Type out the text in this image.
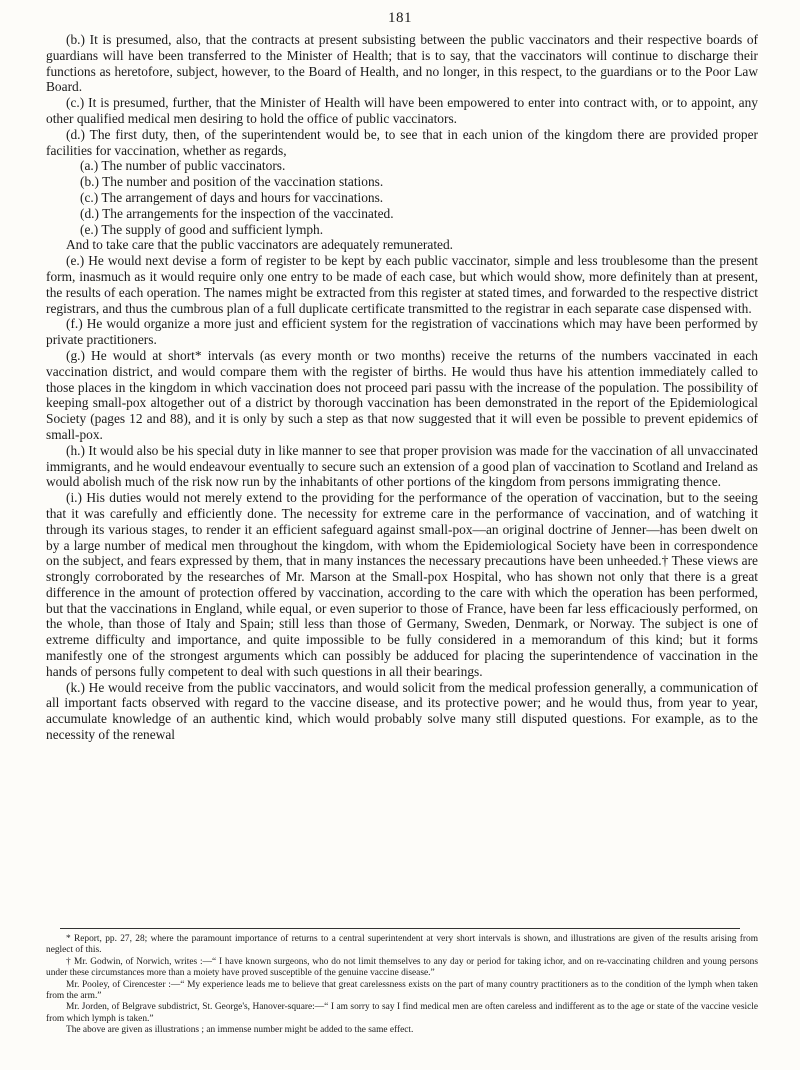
181

(b.) It is presumed, also, that the contracts at present subsisting between the public vaccinators and their respective boards of guardians will have been transferred to the Minister of Health; that is to say, that the vaccinators will continue to discharge their functions as heretofore, subject, however, to the Board of Health, and no longer, in this respect, to the guardians or to the Poor Law Board.

(c.) It is presumed, further, that the Minister of Health will have been empowered to enter into contract with, or to appoint, any other qualified medical men desiring to hold the office of public vaccinators.

(d.) The first duty, then, of the superintendent would be, to see that in each union of the kingdom there are provided proper facilities for vaccination, whether as regards,

(a.) The number of public vaccinators.

(b.) The number and position of the vaccination stations.

(c.) The arrangement of days and hours for vaccinations.

(d.) The arrangements for the inspection of the vaccinated.

(e.) The supply of good and sufficient lymph.

And to take care that the public vaccinators are adequately remunerated.

(e.) He would next devise a form of register to be kept by each public vaccinator, simple and less troublesome than the present form, inasmuch as it would require only one entry to be made of each case, but which would show, more definitely than at present, the results of each operation. The names might be extracted from this register at stated times, and forwarded to the respective district registrars, and thus the cumbrous plan of a full duplicate certificate transmitted to the registrar in each separate case dispensed with.

(f.) He would organize a more just and efficient system for the registration of vaccinations which may have been performed by private practitioners.

(g.) He would at short* intervals (as every month or two months) receive the returns of the numbers vaccinated in each vaccination district, and would compare them with the register of births. He would thus have his attention immediately called to those places in the kingdom in which vaccination does not proceed pari passu with the increase of the population. The possibility of keeping small-pox altogether out of a district by thorough vaccination has been demonstrated in the report of the Epidemiological Society (pages 12 and 88), and it is only by such a step as that now suggested that it will even be possible to prevent epidemics of small-pox.

(h.) It would also be his special duty in like manner to see that proper provision was made for the vaccination of all unvaccinated immigrants, and he would endeavour eventually to secure such an extension of a good plan of vaccination to Scotland and Ireland as would abolish much of the risk now run by the inhabitants of other portions of the kingdom from persons immigrating thence.

(i.) His duties would not merely extend to the providing for the performance of the operation of vaccination, but to the seeing that it was carefully and efficiently done. The necessity for extreme care in the performance of vaccination, and of watching it through its various stages, to render it an efficient safeguard against small-pox—an original doctrine of Jenner—has been dwelt on by a large number of medical men throughout the kingdom, with whom the Epidemiological Society have been in correspondence on the subject, and fears expressed by them, that in many instances the necessary precautions have been unheeded.† These views are strongly corroborated by the researches of Mr. Marson at the Small-pox Hospital, who has shown not only that there is a great difference in the amount of protection offered by vaccination, according to the care with which the operation has been performed, but that the vaccinations in England, while equal, or even superior to those of France, have been far less efficaciously performed, on the whole, than those of Italy and Spain; still less than those of Germany, Sweden, Denmark, or Norway. The subject is one of extreme difficulty and importance, and quite impossible to be fully considered in a memorandum of this kind; but it forms manifestly one of the strongest arguments which can possibly be adduced for placing the superintendence of vaccination in the hands of persons fully competent to deal with such questions in all their bearings.

(k.) He would receive from the public vaccinators, and would solicit from the medical profession generally, a communication of all important facts observed with regard to the vaccine disease, and its protective power; and he would thus, from year to year, accumulate knowledge of an authentic kind, which would probably solve many still disputed questions. For example, as to the necessity of the renewal

* Report, pp. 27, 28; where the paramount importance of returns to a central superintendent at very short intervals is shown, and illustrations are given of the results arising from neglect of this.

† Mr. Godwin, of Norwich, writes :—“ I have known surgeons, who do not limit themselves to any day or period for taking ichor, and on re-vaccinating children and young persons under these circumstances more than a moiety have proved susceptible of the genuine vaccine disease.”

Mr. Pooley, of Cirencester :—“ My experience leads me to believe that great carelessness exists on the part of many country practitioners as to the condition of the lymph when taken from the arm.”

Mr. Jorden, of Belgrave subdistrict, St. George's, Hanover-square:—“ I am sorry to say I find medical men are often careless and indifferent as to the age or state of the vaccine vesicle from which lymph is taken.”

The above are given as illustrations ; an immense number might be added to the same effect.
